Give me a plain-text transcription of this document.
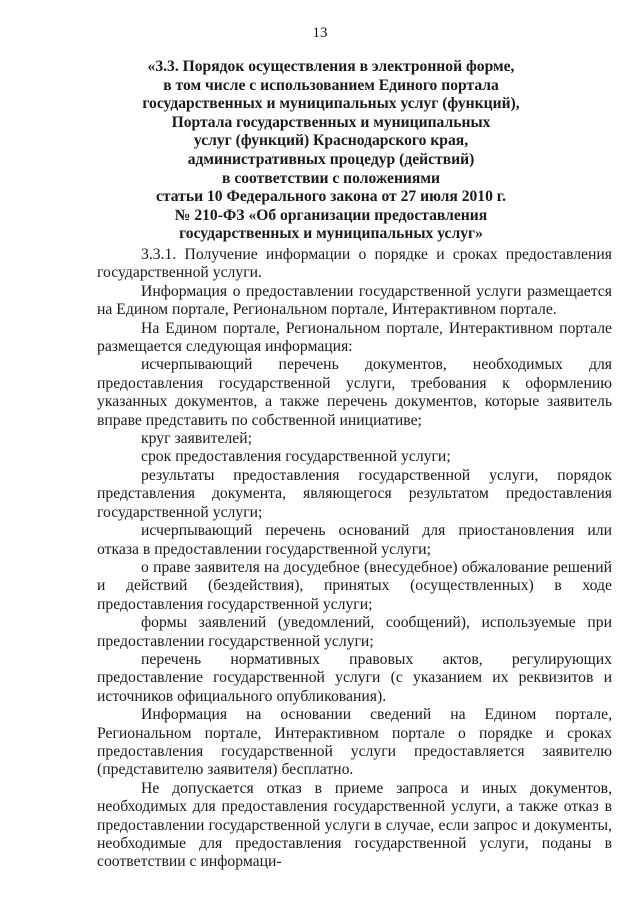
13
«3.3. Порядок осуществления в электронной форме,
в том числе с использованием Единого портала
государственных и муниципальных услуг (функций),
Портала государственных и муниципальных
услуг (функций) Краснодарского края,
административных процедур (действий)
в соответствии с положениями
статьи 10 Федерального закона от 27 июля 2010 г.
№ 210-ФЗ «Об организации предоставления
государственных и муниципальных услуг»

3.3.1. Получение информации о порядке и сроках предоставления государственной услуги.

Информация о предоставлении государственной услуги размещается на Едином портале, Региональном портале, Интерактивном портале.

На Едином портале, Региональном портале, Интерактивном портале размещается следующая информация:

исчерпывающий перечень документов, необходимых для предоставления государственной услуги, требования к оформлению указанных документов, а также перечень документов, которые заявитель вправе представить по собственной инициативе;

круг заявителей;

срок предоставления государственной услуги;

результаты предоставления государственной услуги, порядок представления документа, являющегося результатом предоставления государственной услуги;

исчерпывающий перечень оснований для приостановления или отказа в предоставлении государственной услуги;

о праве заявителя на досудебное (внесудебное) обжалование решений и действий (бездействия), принятых (осуществленных) в ходе предоставления государственной услуги;

формы заявлений (уведомлений, сообщений), используемые при предоставлении государственной услуги;

перечень нормативных правовых актов, регулирующих предоставление государственной услуги (с указанием их реквизитов и источников официального опубликования).

Информация на основании сведений на Едином портале, Региональном портале, Интерактивном портале о порядке и сроках предоставления государственной услуги предоставляется заявителю (представителю заявителя) бесплатно.

Не допускается отказ в приеме запроса и иных документов, необходимых для предоставления государственной услуги, а также отказ в предоставлении государственной услуги в случае, если запрос и документы, необходимые для предоставления государственной услуги, поданы в соответствии с информаци-
